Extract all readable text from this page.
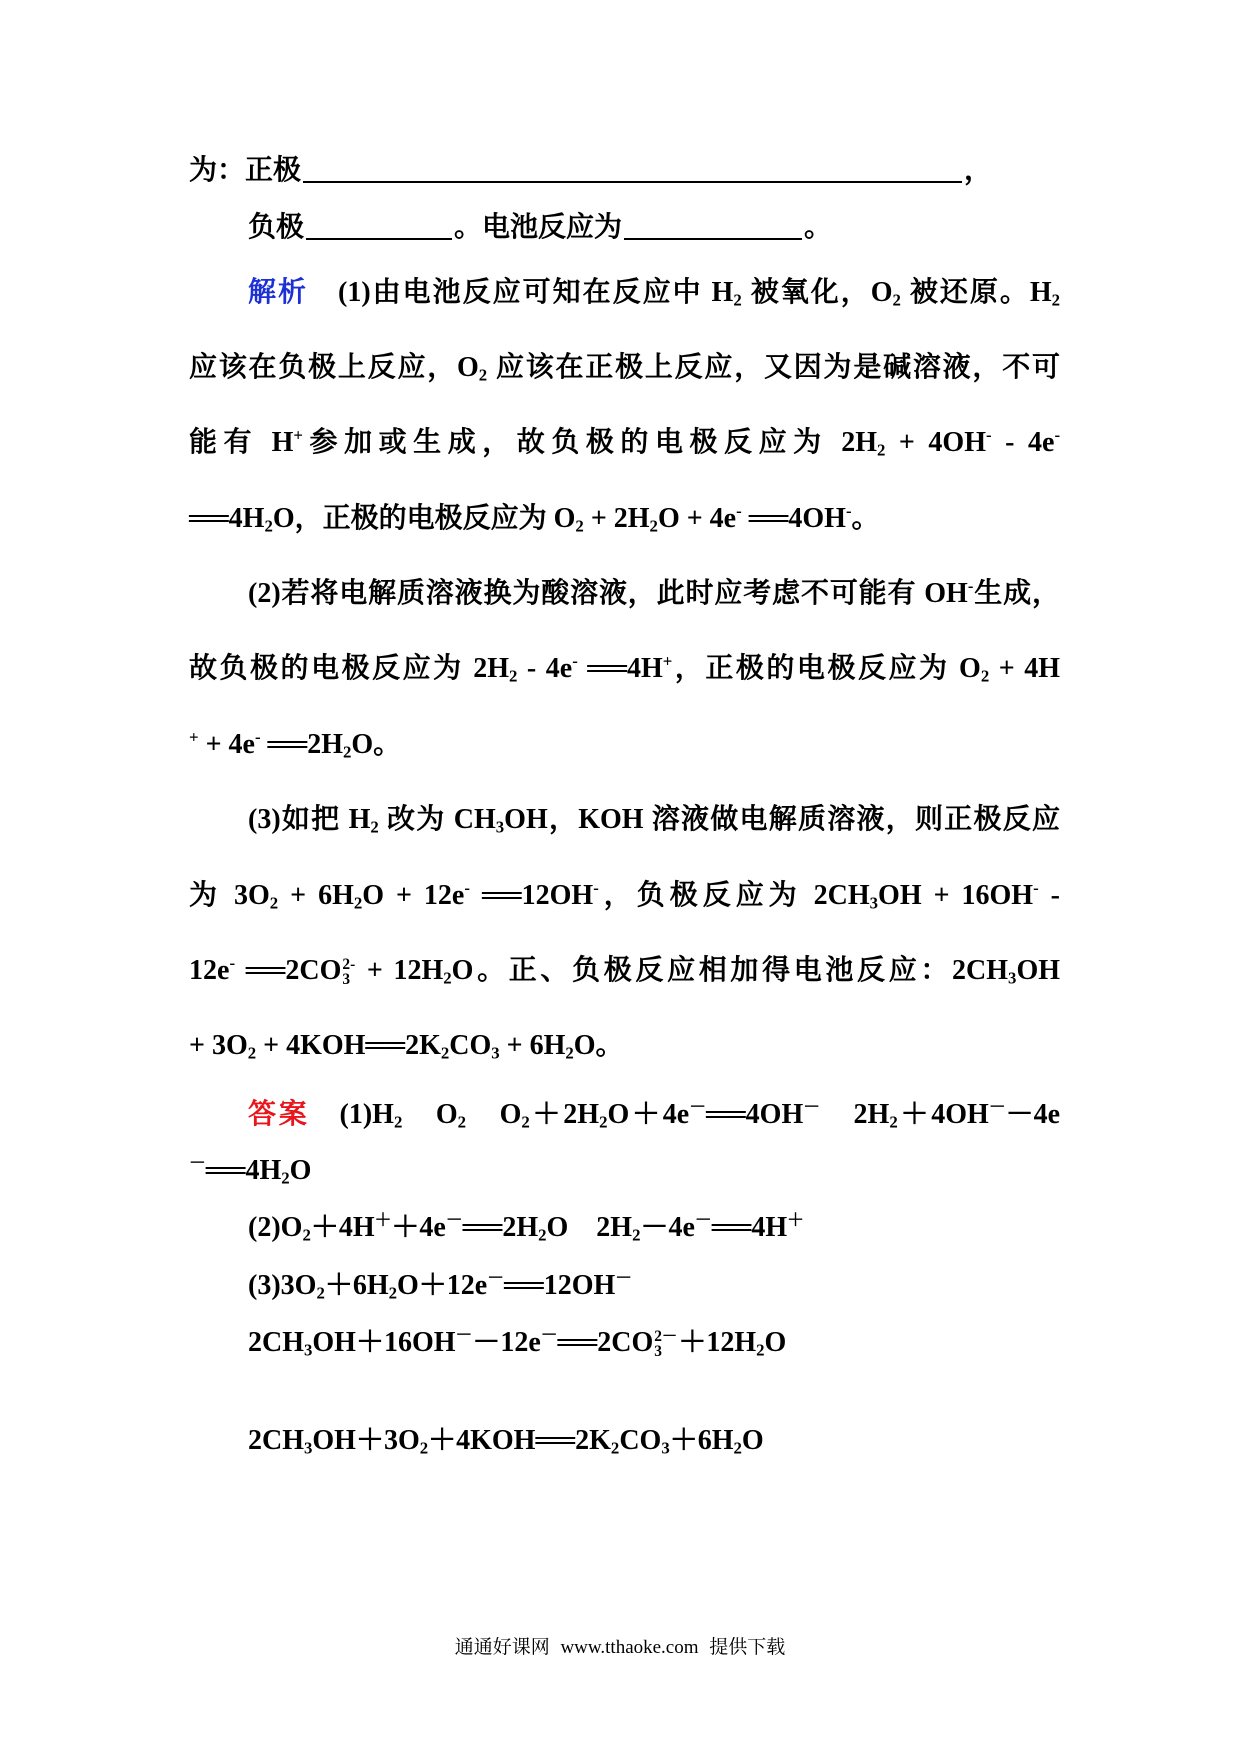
为：正极	，
负极	。电池反应为	。
解析 (1)由电池反应可知在反应中 $H_2$ 被氧化，$O_2$ 被还原。$H_2$
应该在负极上反应，$O_2$ 应该在正极上反应，又因为是碱溶液，不可
能有 H+参加或生成，故负极的电极反应为 $2H_2 + 4OH^- - 4e^-$
$══4H_2O$，正极的电极反应为 $O_2 + 2H_2O + 4e^-$ ══4OH-。
(2)若将电解质溶液换为酸溶液，此时应考虑不可能有 OH-生成，
故负极的电极反应为 $2H_2 - 4e^-$ ══4H+，正极的电极反应为 $O_2 + 4H$
+ + 4e- $══2H_2O$。
(3)如把 $H_2$ 改为 $CH_3OH$，KOH 溶液做电解质溶液，则正极反应
为 $3O_2 + 6H_2O + 12e^-$ ══12OH-，负极反应为 $2CH_3OH + 16OH^-$ -
12e- ══2CO 2-
$3 + 12H_2O$。正、负极反应相加得电池反应：$2CH_3OH$
+ $3O_2$ + $4KOH══2K_2CO_3 + 6H_2O$。
答案 $(1)H_2$　$O_2$　$O_2+2H_2O+4e^-══4OH^-$　$2H_2+4OH^--4e$
$^-══4H_2O$
$(2)O_2+4H^++4e^-══2H_2O$　$2H_2-4e^-══4H^+$
$(3)3O_2+6H_2O+12e^-══12OH^-$
$2CH_3OH+16OH^--12e^-══2CO$ 2－
$3 +12H_2O$
$2CH_3OH+3O_2+4KOH══2K_2CO_3+6H_2O$
通通好课网 www.tthaoke.com 提供下载
